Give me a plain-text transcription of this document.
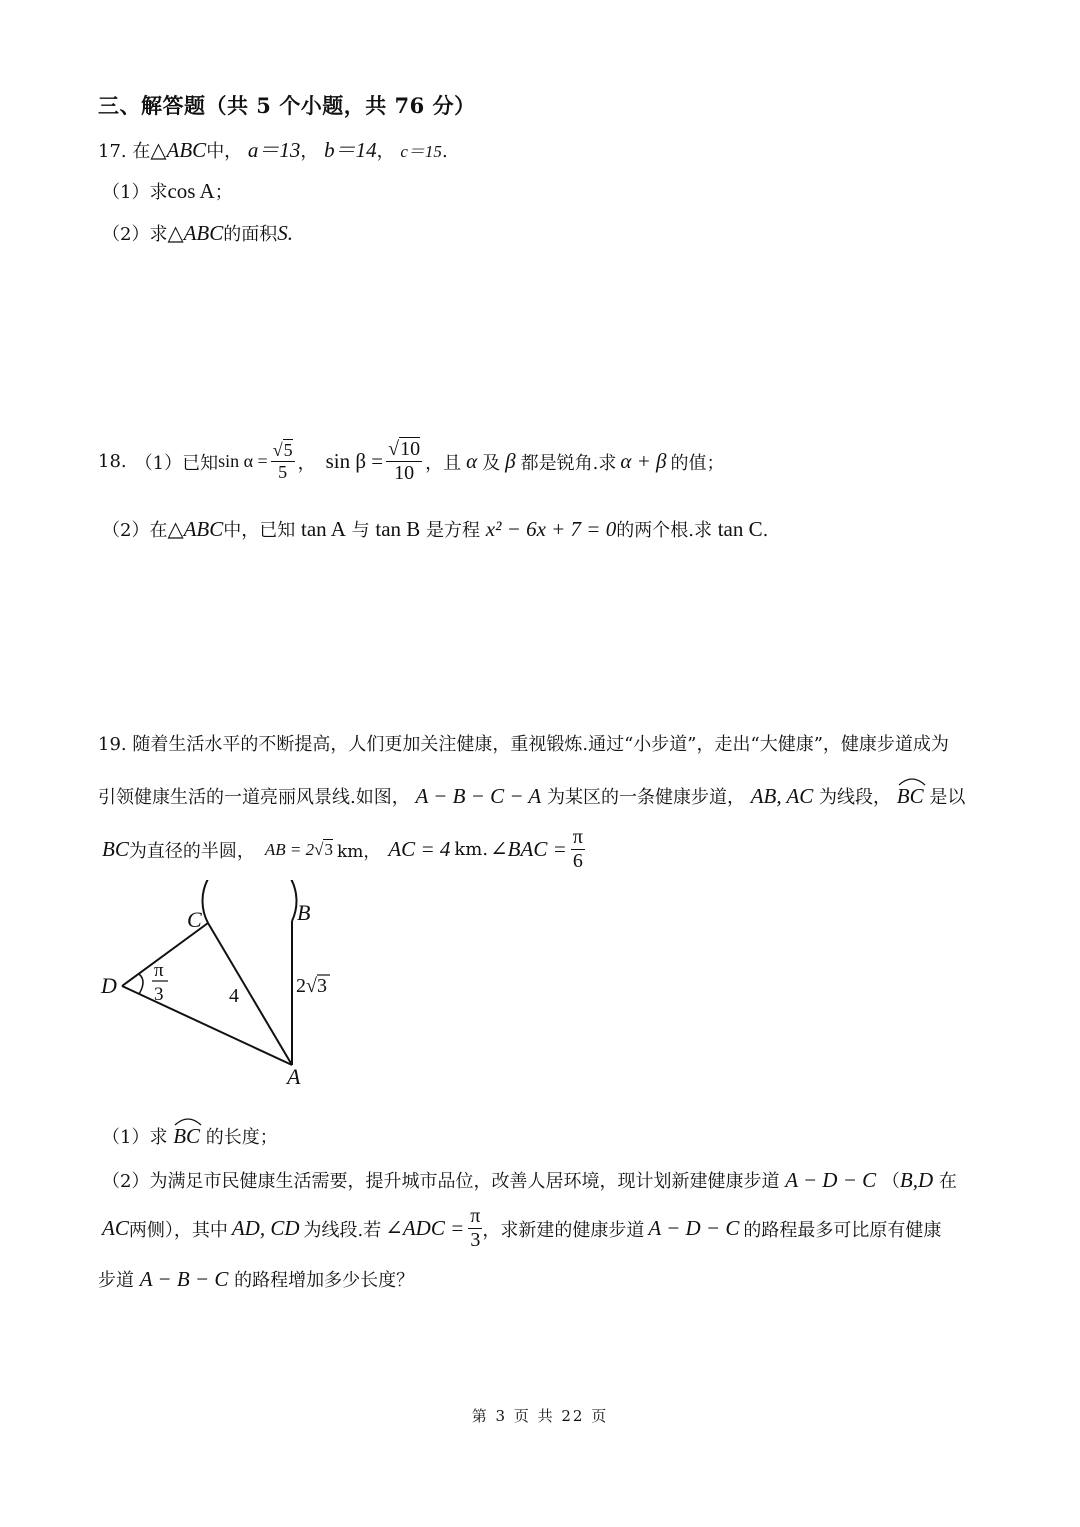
三、解答题（共 5 个小题，共 76 分）
17. 在△ABC中， a＝13， b＝14， c＝15.
（1）求cos A；
（2）求△ABC的面积S.
18. （1）已知 $\sin \alpha = \frac{√5}{5}$ ， $\sin \beta = \frac{√10}{10}$ ，且 α 及 β 都是锐角.求 α + β 的值；
（2）在△ABC中，已知 tan A 与 tan B 是方程 x² − 6x + 7 = 0的两个根.求 tan C.
19. 随着生活水平的不断提高，人们更加关注健康，重视锻炼.通过“小步道”，走出“大健康”，健康步道成为
引领健康生活的一道亮丽风景线.如图， A − B − C − A 为某区的一条健康步道， AB, AC 为线段， BC 是以
BC 为直径的半圆， AB = 2 √3 km， AC = 4 km. ∠BAC = $\frac{\pi}{6}$
C	B
D
A
π
3	4	2 √ 3
（1）求 BC 的长度；
（2）为满足市民健康生活需要，提升城市品位，改善人居环境，现计划新建健康步道 A − D − C （B,D 在
AC 两侧），其中 AD, CD 为线段.若 ∠ADC = $\frac{\pi}{3}$ ，求新建的健康步道 A − D − C 的路程最多可比原有健康
步道 A − B − C 的路程增加多少长度？
第 3 页 共 22 页
